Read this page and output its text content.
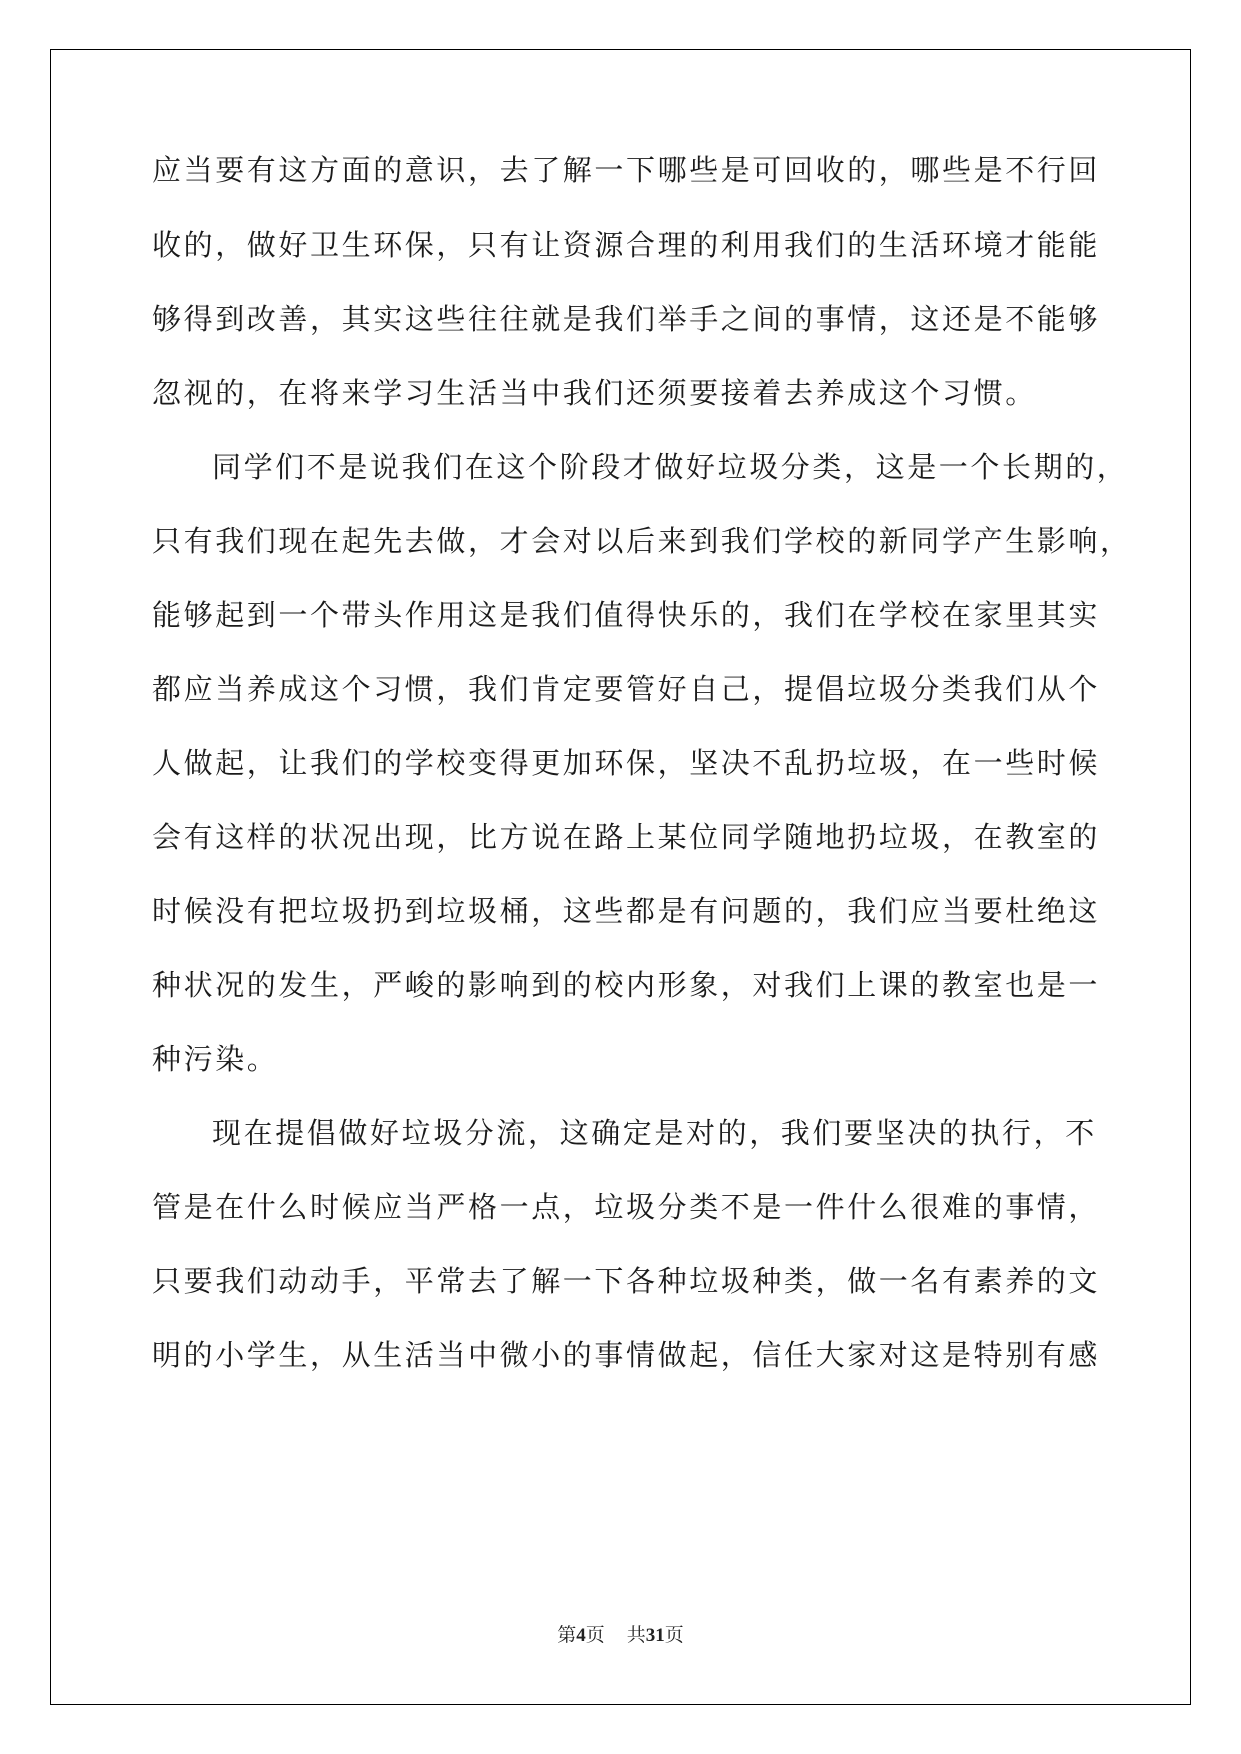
应当要有这方面的意识，去了解一下哪些是可回收的，哪些是不行回
收的，做好卫生环保，只有让资源合理的利用我们的生活环境才能能
够得到改善，其实这些往往就是我们举手之间的事情，这还是不能够
忽视的，在将来学习生活当中我们还须要接着去养成这个习惯。
同学们不是说我们在这个阶段才做好垃圾分类，这是一个长期的，
只有我们现在起先去做，才会对以后来到我们学校的新同学产生影响，
能够起到一个带头作用这是我们值得快乐的，我们在学校在家里其实
都应当养成这个习惯，我们肯定要管好自己，提倡垃圾分类我们从个
人做起，让我们的学校变得更加环保，坚决不乱扔垃圾，在一些时候
会有这样的状况出现，比方说在路上某位同学随地扔垃圾，在教室的
时候没有把垃圾扔到垃圾桶，这些都是有问题的，我们应当要杜绝这
种状况的发生，严峻的影响到的校内形象，对我们上课的教室也是一
种污染。
现在提倡做好垃圾分流，这确定是对的，我们要坚决的执行，不
管是在什么时候应当严格一点，垃圾分类不是一件什么很难的事情，
只要我们动动手，平常去了解一下各种垃圾种类，做一名有素养的文
明的小学生，从生活当中微小的事情做起，信任大家对这是特别有感
第4页 共31页
